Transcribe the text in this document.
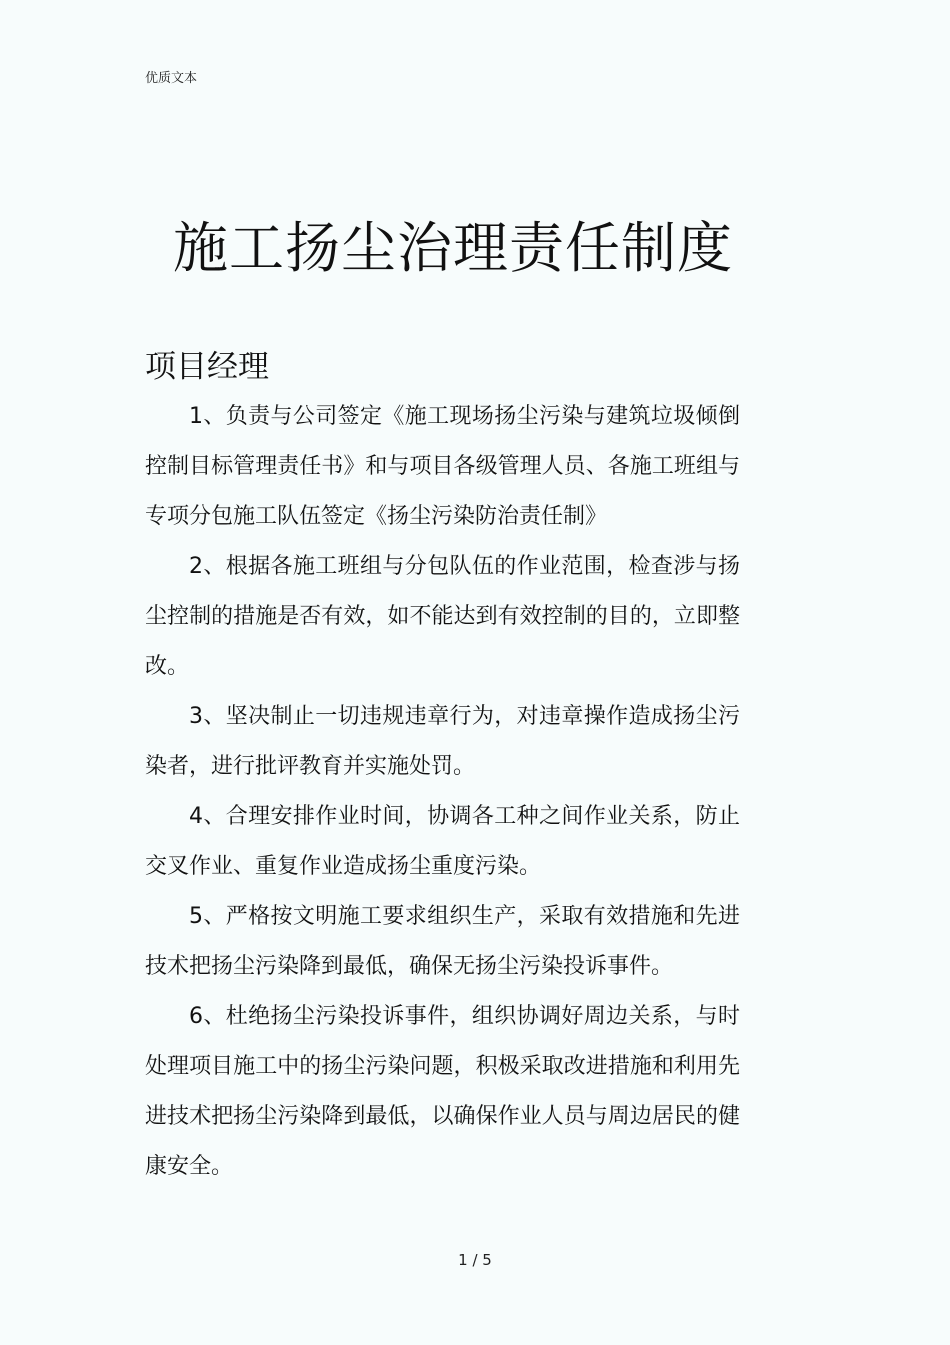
优质文本
施工扬尘治理责任制度
项目经理

1、负责与公司签定《施工现场扬尘污染与建筑垃圾倾倒控制目标管理责任书》和与项目各级管理人员、各施工班组与专项分包施工队伍签定《扬尘污染防治责任制》

2、根据各施工班组与分包队伍的作业范围，检查涉与扬尘控制的措施是否有效，如不能达到有效控制的目的，立即整改。

3、坚决制止一切违规违章行为，对违章操作造成扬尘污染者，进行批评教育并实施处罚。

4、合理安排作业时间，协调各工种之间作业关系，防止交叉作业、重复作业造成扬尘重度污染。

5、严格按文明施工要求组织生产，采取有效措施和先进技术把扬尘污染降到最低，确保无扬尘污染投诉事件。

6、杜绝扬尘污染投诉事件，组织协调好周边关系，与时处理项目施工中的扬尘污染问题，积极采取改进措施和利用先进技术把扬尘污染降到最低，以确保作业人员与周边居民的健康安全。

1 / 5
